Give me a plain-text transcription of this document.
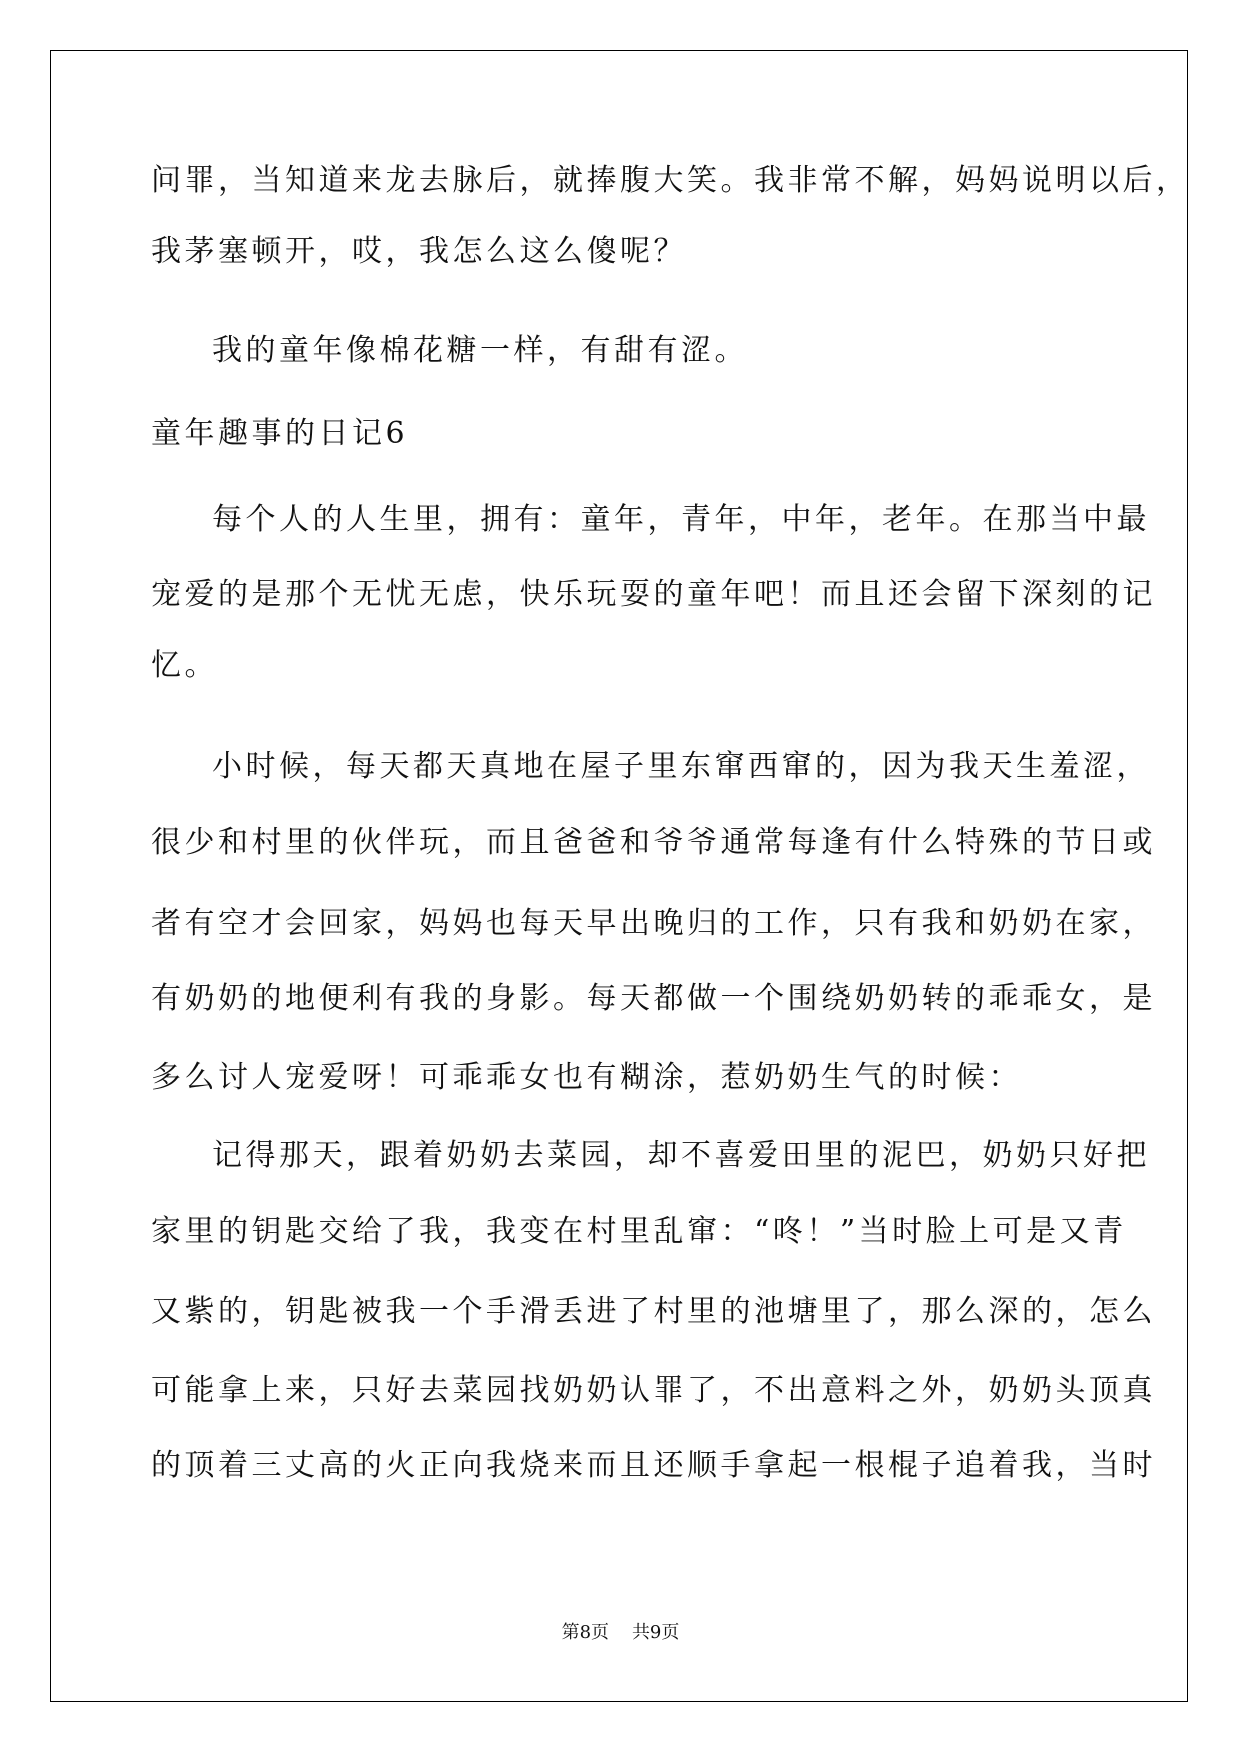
问罪，当知道来龙去脉后，就捧腹大笑。我非常不解，妈妈说明以后，
我茅塞顿开，哎，我怎么这么傻呢？
我的童年像棉花糖一样，有甜有涩。
童年趣事的日记6
每个人的人生里，拥有：童年，青年，中年，老年。在那当中最
宠爱的是那个无忧无虑，快乐玩耍的童年吧！而且还会留下深刻的记
忆。
小时候，每天都天真地在屋子里东窜西窜的，因为我天生羞涩，
很少和村里的伙伴玩，而且爸爸和爷爷通常每逢有什么特殊的节日或
者有空才会回家，妈妈也每天早出晚归的工作，只有我和奶奶在家，
有奶奶的地便利有我的身影。每天都做一个围绕奶奶转的乖乖女，是
多么讨人宠爱呀！可乖乖女也有糊涂，惹奶奶生气的时候：
记得那天，跟着奶奶去菜园，却不喜爱田里的泥巴，奶奶只好把
家里的钥匙交给了我，我变在村里乱窜：“咚！”当时脸上可是又青
又紫的，钥匙被我一个手滑丢进了村里的池塘里了，那么深的，怎么
可能拿上来，只好去菜园找奶奶认罪了，不出意料之外，奶奶头顶真
的顶着三丈高的火正向我烧来而且还顺手拿起一根棍子追着我，当时
第8页 共9页
